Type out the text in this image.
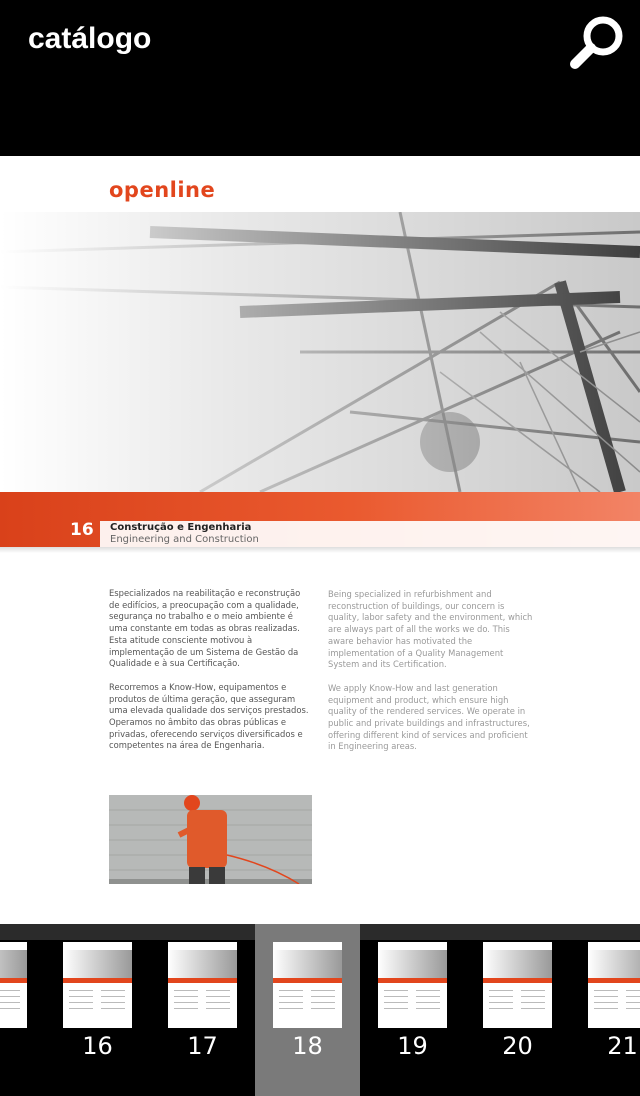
catálogo
openline
16 Construção e Engenharia
Engineering and Construction

Especializados na reabilitação e reconstrução de edifícios, a preocupação com a qualidade, segurança no trabalho e o meio ambiente é uma constante em todas as obras realizadas. Esta atitude consciente motivou à implementação de um Sistema de Gestão da Qualidade e à sua Certificação.

Recorremos a Know-How, equipamentos e produtos de última geração, que asseguram uma elevada qualidade dos serviços prestados. Operamos no âmbito das obras públicas e privadas, oferecendo serviços diversificados e competentes na área de Engenharia.

Being specialized in refurbishment and reconstruction of buildings, our concern is quality, labor safety and the environment, which are always part of all the works we do. This aware behavior has motivated the implementation of a Quality Management System and its Certification.

We apply Know-How and last generation equipment and product, which ensure high quality of the rendered services. We operate in public and private buildings and infrastructures, offering different kind of services and proficient in Engineering areas.

16	17	18	19	20	21
